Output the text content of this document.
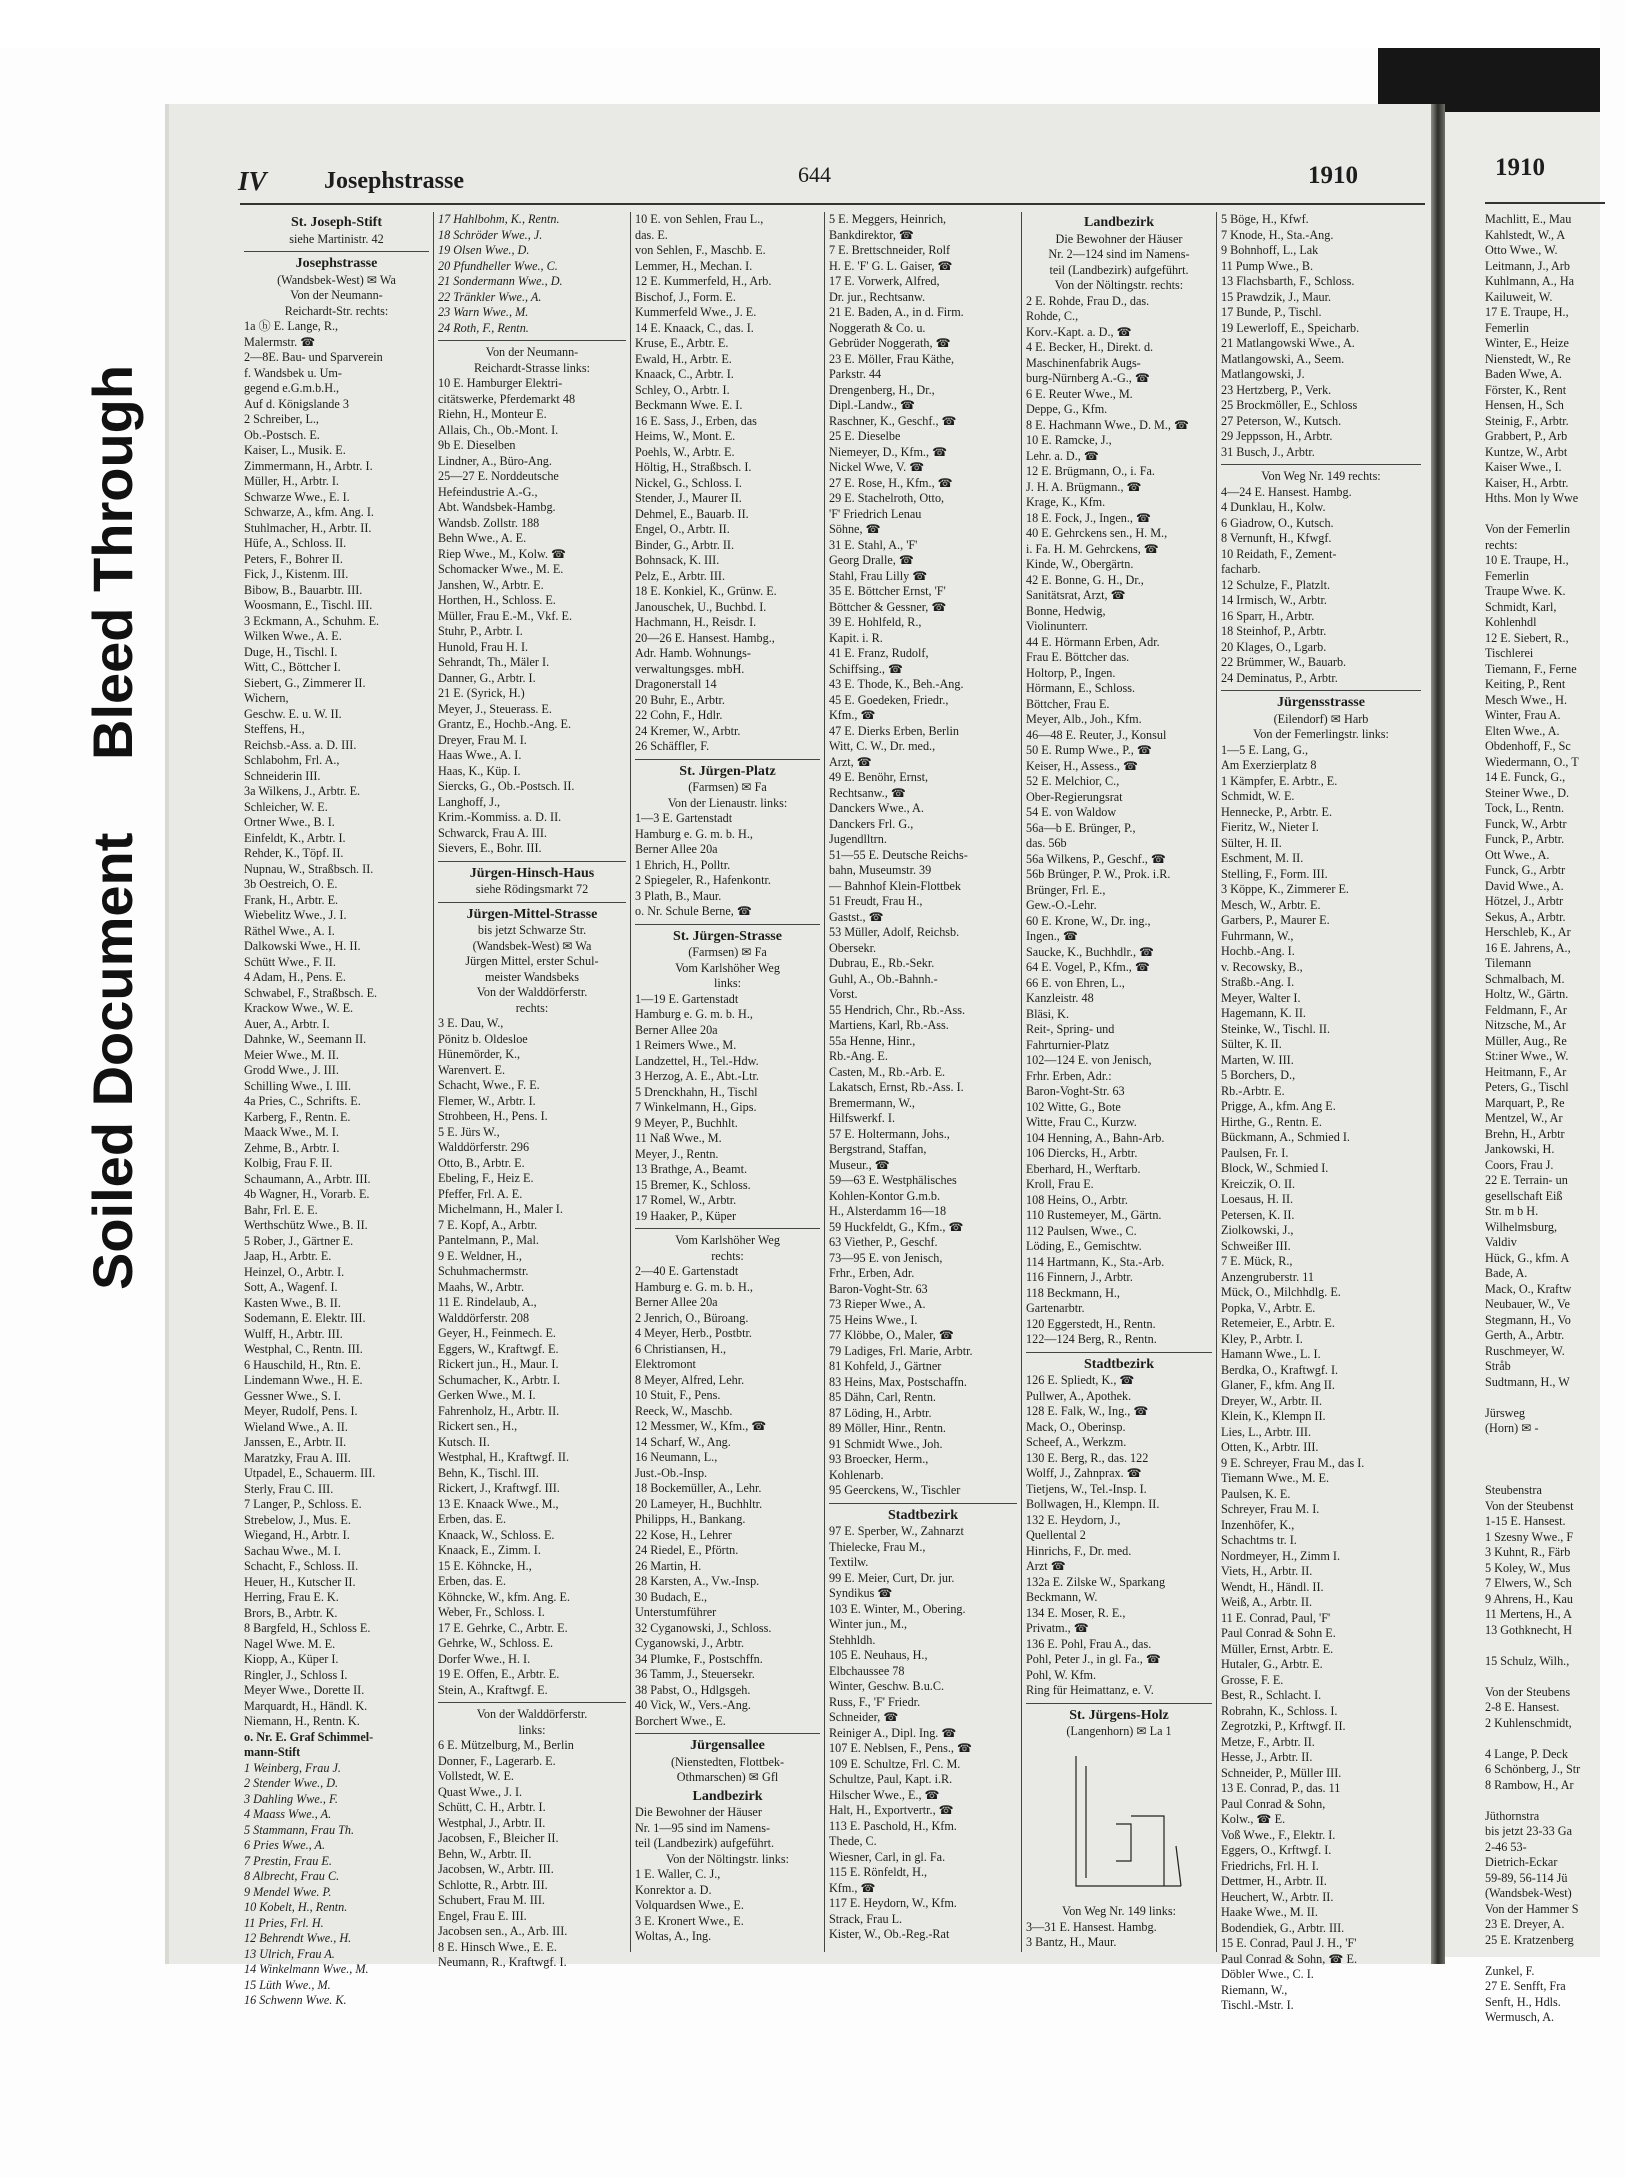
Soiled Document
Bleed Through
1910
Machlitt, E., Mau
Kahlstedt, W., A
Otto Wwe., W.
Leitmann, J., Arb
Kuhlmann, A., Ha
Kailuweit, W.
17 E. Traupe, H.,
Femerlin
Winter, E., Heize
Nienstedt, W., Re
Baden Wwe, A.
Förster, K., Rent
Hensen, H., Sch
Steinig, F., Arbtr.
Grabbert, P., Arb
Kuntze, W., Arbt
Kaiser Wwe., I.
Kaiser, H., Arbtr.
Hths. Mon ly Wwe

Von der Femerlin
rechts:
10 E. Traupe, H.,
Femerlin
Traupe Wwe. K.
Schmidt, Karl,
Kohlenhdl
12 E. Siebert, R.,
Tischlerei
Tiemann, F., Ferne
Keiting, P., Rent
Mesch Wwe., H.
Winter, Frau A.
Elten Wwe., A.
Obdenhoff, F., Sc
Wiedermann, O., T
14 E. Funck, G.,
Steiner Wwe., D.
Tock, L., Rentn.
Funck, W., Arbtr
Funck, P., Arbtr.
Ott Wwe., A.
Funck, G., Arbtr
David Wwe., A.
Hötzel, J., Arbtr
Sekus, A., Arbtr.
Herschleb, K., Ar
16 E. Jahrens, A.,
Tilemann
Schmalbach, M.
Holtz, W., Gärtn.
Feldmann, F., Ar
Nitzsche, M., Ar
Müller, Aug., Re
St:iner Wwe., W.
Heitmann, F., Ar
Peters, G., Tischl
Marquart, P., Re
Mentzel, W., Ar
Brehn, H., Arbtr
Jankowski, H.
Coors, Frau J.
22 E. Terrain- un
gesellschaft Eiß
Str. m b H.
Wilhelmsburg,
Valdiv
Hück, G., kfm. A
Bade, A.
Mack, O., Kraftw
Neubauer, W., Ve
Stegmann, H., Vo
Gerth, A., Arbtr.
Ruschmeyer, W.
Stråb
Sudtmann, H., W

Jürsweg
(Horn) ✉ -

Steubenstra
Von der Steubenst
1-15 E. Hansest.
1 Szesny Wwe., F
3 Kuhnt, R., Färb
5 Koley, W., Mus
7 Elwers, W., Sch
9 Ahrens, H., Kau
11 Mertens, H., A
13 Gothknecht, H

15 Schulz, Wilh.,

Von der Steubens
2-8 E. Hansest.
2 Kuhlenschmidt,

4 Lange, P. Deck
6 Schönberg, J., Str
8 Rambow, H., Ar

Jüthornstra
bis jetzt 23-33 Ga
2-46 53-
Dietrich-Eckar
59-89, 56-114 Jü
(Wandsbek-West)
Von der Hammer S
23 E. Dreyer, A.
25 E. Kratzenberg

Zunkel, F.
27 E. Senfft, Fra
Senft, H., Hdls.
Wermusch, A.
IV Josephstrasse	644	1910
St. Joseph-Stift
siehe Martinistr. 42
Josephstrasse
(Wandsbek-West) ✉ Wa
Von der Neumann-
Reichardt-Str. rechts:
1a ⓗ E. Lange, R.,
Malermstr. ☎
2—8E. Bau- und Sparverein
f. Wandsbek u. Um-
gegend e.G.m.b.H.,
Auf d. Königslande 3
2 Schreiber, L.,
Ob.-Postsch. E.
Kaiser, L., Musik. E.
Zimmermann, H., Arbtr. I.
Müller, H., Arbtr. I.
Schwarze Wwe., E. I.
Schwarze, A., kfm. Ang. I.
Stuhlmacher, H., Arbtr. II.
Hüfe, A., Schloss. II.
Peters, F., Bohrer II.
Fick, J., Kistenm. III.
Bibow, B., Bauarbtr. III.
Woosmann, E., Tischl. III.
3 Eckmann, A., Schuhm. E.
Wilken Wwe., A. E.
Duge, H., Tischl. I.
Witt, C., Böttcher I.
Siebert, G., Zimmerer II.
Wichern,
Geschw. E. u. W. II.
Steffens, H.,
Reichsb.-Ass. a. D. III.
Schlabohm, Frl. A.,
Schneiderin III.
3a Wilkens, J., Arbtr. E.
Schleicher, W. E.
Ortner Wwe., B. I.
Einfeldt, K., Arbtr. I.
Rehder, K., Töpf. II.
Nupnau, W., Straßbsch. II.
3b Oestreich, O. E.
Frank, H., Arbtr. E.
Wiebelitz Wwe., J. I.
Räthel Wwe., A. I.
Dalkowski Wwe., H. II.
Schütt Wwe., F. II.
4 Adam, H., Pens. E.
Schwabel, F., Straßbsch. E.
Krackow Wwe., W. E.
Auer, A., Arbtr. I.
Dahnke, W., Seemann II.
Meier Wwe., M. II.
Grodd Wwe., J. III.
Schilling Wwe., I. III.
4a Pries, C., Schrifts. E.
Karberg, F., Rentn. E.
Maack Wwe., M. I.
Zehme, B., Arbtr. I.
Kolbig, Frau F. II.
Schaumann, A., Arbtr. III.
4b Wagner, H., Vorarb. E.
Bahr, Frl. E. E.
Werthschütz Wwe., B. II.
5 Rober, J., Gärtner E.
Jaap, H., Arbtr. E.
Heinzel, O., Arbtr. I.
Sott, A., Wagenf. I.
Kasten Wwe., B. II.
Sodemann, E. Elektr. III.
Wulff, H., Arbtr. III.
Westphal, C., Rentn. III.
6 Hauschild, H., Rtn. E.
Lindemann Wwe., H. E.
Gessner Wwe., S. I.
Meyer, Rudolf, Pens. I.
Wieland Wwe., A. II.
Janssen, E., Arbtr. II.
Maratzky, Frau A. III.
Utpadel, E., Schauerm. III.
Sterly, Frau C. III.
7 Langer, P., Schloss. E.
Strebelow, J., Mus. E.
Wiegand, H., Arbtr. I.
Sachau Wwe., M. I.
Schacht, F., Schloss. II.
Heuer, H., Kutscher II.
Herring, Frau E. K.
Brors, B., Arbtr. K.
8 Bargfeld, H., Schloss E.
Nagel Wwe. M. E.
Kiopp, A., Küper I.
Ringler, J., Schloss I.
Meyer Wwe., Dorette II.
Marquardt, H., Händl. K.
Niemann, H., Rentn. K.
o. Nr. E. Graf Schimmel-
mann-Stift
1 Weinberg, Frau J.
2 Stender Wwe., D.
3 Dahling Wwe., F.
4 Maass Wwe., A.
5 Stammann, Frau Th.
6 Pries Wwe., A.
7 Prestin, Frau E.
8 Albrecht, Frau C.
9 Mendel Wwe. P.
10 Kobelt, H., Rentn.
11 Pries, Frl. H.
12 Behrendt Wwe., H.
13 Ulrich, Frau A.
14 Winkelmann Wwe., M.
15 Lüth Wwe., M.
16 Schwenn Wwe. K.
17 Hahlbohm, K., Rentn.
18 Schröder Wwe., J.
19 Olsen Wwe., D.
20 Pfundheller Wwe., C.
21 Sondermann Wwe., D.
22 Tränkler Wwe., A.
23 Warn Wwe., M.
24 Roth, F., Rentn.
Von der Neumann-
Reichardt-Strasse links:
10 E. Hamburger Elektri-
citätswerke, Pferdemarkt 48
Riehn, H., Monteur E.
Allais, Ch., Ob.-Mont. I.
9b E. Dieselben
Lindner, A., Büro-Ang.
25—27 E. Norddeutsche
Hefeindustrie A.-G.,
Abt. Wandsbek-Hambg.
Wandsb. Zollstr. 188
Behn Wwe., A. E.
Riep Wwe., M., Kolw. ☎
Schomacker Wwe., M. E.
Janshen, W., Arbtr. E.
Horthen, H., Schloss. E.
Müller, Frau E.-M., Vkf. E.
Stuhr, P., Arbtr. I.
Hunold, Frau H. I.
Sehrandt, Th., Mäler I.
Danner, G., Arbtr. I.
21 E. (Syrick, H.)
Meyer, J., Steuerass. E.
Grantz, E., Hochb.-Ang. E.
Dreyer, Frau M. I.
Haas Wwe., A. I.
Haas, K., Küp. I.
Siercks, G., Ob.-Postsch. II.
Langhoff, J.,
Krim.-Kommiss. a. D. II.
Schwarck, Frau A. III.
Sievers, E., Bohr. III.
Jürgen-Hinsch-Haus
siehe Rödingsmarkt 72
Jürgen-Mittel-Strasse
bis jetzt Schwarze Str.
(Wandsbek-West) ✉ Wa
Jürgen Mittel, erster Schul-
meister Wandsbeks
Von der Walddörferstr.
rechts:
3 E. Dau, W.,
Pönitz b. Oldesloe
Hünemörder, K.,
Warenvert. E.
Schacht, Wwe., F. E.
Flemer, W., Arbtr. I.
Strohbeen, H., Pens. I.
5 E. Jürs W.,
Walddörferstr. 296
Otto, B., Arbtr. E.
Ebeling, F., Heiz E.
Pfeffer, Frl. A. E.
Michelmann, H., Maler I.
7 E. Kopf, A., Arbtr.
Pantelmann, P., Mal.
9 E. Weldner, H.,
Schuhmachermstr.
Maahs, W., Arbtr.
11 E. Rindelaub, A.,
Walddörferstr. 208
Geyer, H., Feinmech. E.
Eggers, W., Kraftwgf. E.
Rickert jun., H., Maur. I.
Schumacher, K., Arbtr. I.
Gerken Wwe., M. I.
Fahrenholz, H., Arbtr. II.
Rickert sen., H.,
Kutsch. II.
Westphal, H., Kraftwgf. II.
Behn, K., Tischl. III.
Rickert, J., Kraftwgf. III.
13 E. Knaack Wwe., M.,
Erben, das. E.
Knaack, W., Schloss. E.
Knaack, E., Zimm. I.
15 E. Köhncke, H.,
Erben, das. E.
Köhncke, W., kfm. Ang. E.
Weber, Fr., Schloss. I.
17 E. Gehrke, C., Arbtr. E.
Gehrke, W., Schloss. E.
Dorfer Wwe., H. I.
19 E. Offen, E., Arbtr. E.
Stein, A., Kraftwgf. E.
Von der Walddörferstr.
links:
6 E. Mützelburg, M., Berlin
Donner, F., Lagerarb. E.
Vollstedt, W. E.
Quast Wwe., J. I.
Schütt, C. H., Arbtr. I.
Westphal, J., Arbtr. II.
Jacobsen, F., Bleicher II.
Behn, W., Arbtr. II.
Jacobsen, W., Arbtr. III.
Schlotte, R., Arbtr. III.
Schubert, Frau M. III.
Engel, Frau E. III.
Jacobsen sen., A., Arb. III.
8 E. Hinsch Wwe., E. E.
Neumann, R., Kraftwgf. I.
10 E. von Sehlen, Frau L.,
das. E.
von Sehlen, F., Maschb. E.
Lemmer, H., Mechan. I.
12 E. Kummerfeld, H., Arb.
Bischof, J., Form. E.
Kummerfeld Wwe., J. E.
14 E. Knaack, C., das. I.
Kruse, E., Arbtr. E.
Ewald, H., Arbtr. E.
Knaack, C., Arbtr. I.
Schley, O., Arbtr. I.
Beckmann Wwe. E. I.
16 E. Sass, J., Erben, das
Heims, W., Mont. E.
Poehls, W., Arbtr. E.
Höltig, H., Straßbsch. I.
Nickel, G., Schloss. I.
Stender, J., Maurer II.
Dehmel, E., Bauarb. II.
Engel, O., Arbtr. II.
Binder, G., Arbtr. II.
Bohnsack, K. III.
Pelz, E., Arbtr. III.
18 E. Konkiel, K., Grünw. E.
Janouschek, U., Buchbd. I.
Hachmann, H., Reisdr. I.
20—26 E. Hansest. Hambg.,
Adr. Hamb. Wohnungs-
verwaltungsges. mbH.
Dragonerstall 14
20 Buhr, E., Arbtr.
22 Cohn, F., Hdlr.
24 Kremer, W., Arbtr.
26 Schäffler, F.
St. Jürgen-Platz
(Farmsen) ✉ Fa
Von der Lienaustr. links:
1—3 E. Gartenstadt
Hamburg e. G. m. b. H.,
Berner Allee 20a
1 Ehrich, H., Polltr.
2 Spiegeler, R., Hafenkontr.
3 Plath, B., Maur.
o. Nr. Schule Berne, ☎
St. Jürgen-Strasse
(Farmsen) ✉ Fa
Vom Karlshöher Weg
links:
1—19 E. Gartenstadt
Hamburg e. G. m. b. H.,
Berner Allee 20a
1 Reimers Wwe., M.
Landzettel, H., Tel.-Hdw.
3 Herzog, A. E., Abt.-Ltr.
5 Drenckhahn, H., Tischl
7 Winkelmann, H., Gips.
9 Meyer, P., Buchhlt.
11 Naß Wwe., M.
Meyer, J., Rentn.
13 Brathge, A., Beamt.
15 Bremer, K., Schloss.
17 Romel, W., Arbtr.
19 Haaker, P., Küper
Vom Karlshöher Weg
rechts:
2—40 E. Gartenstadt
Hamburg e. G. m. b. H.,
Berner Allee 20a
2 Jenrich, O., Büroang.
4 Meyer, Herb., Postbtr.
6 Christiansen, H.,
Elektromont
8 Meyer, Alfred, Lehr.
10 Stuit, F., Pens.
Reeck, W., Maschb.
12 Messmer, W., Kfm., ☎
14 Scharf, W., Ang.
16 Neumann, L.,
Just.-Ob.-Insp.
18 Bockemüller, A., Lehr.
20 Lameyer, H., Buchhltr.
Philipps, H., Bankang.
22 Kose, H., Lehrer
24 Riedel, E., Pförtn.
26 Martin, H.
28 Karsten, A., Vw.-Insp.
30 Budach, E.,
Unterstumführer
32 Cyganowski, J., Schloss.
Cyganowski, J., Arbtr.
34 Plumke, F., Postschffn.
36 Tamm, J., Steuersekr.
38 Pabst, O., Hdlgsgeh.
40 Vick, W., Vers.-Ang.
Borchert Wwe., E.
Jürgensallee
(Nienstedten, Flottbek-
Othmarschen) ✉ Gfl
Landbezirk
Die Bewohner der Häuser
Nr. 1—95 sind im Namens-
teil (Landbezirk) aufgeführt.
Von der Nöltingstr. links:
1 E. Waller, C. J.,
Konrektor a. D.
Volquardsen Wwe., E.
3 E. Kronert Wwe., E.
Woltas, A., Ing.
5 E. Meggers, Heinrich,
Bankdirektor, ☎
7 E. Brettschneider, Rolf
H. E. 'F' G. L. Gaiser, ☎
17 E. Vorwerk, Alfred,
Dr. jur., Rechtsanw.
21 E. Baden, A., in d. Firm.
Noggerath & Co. u.
Gebrüder Noggerath, ☎
23 E. Möller, Frau Käthe,
Parkstr. 44
Drengenberg, H., Dr.,
Dipl.-Landw., ☎
Raschner, K., Geschf., ☎
25 E. Dieselbe
Niemeyer, D., Kfm., ☎
Nickel Wwe, V. ☎
27 E. Rose, H., Kfm., ☎
29 E. Stachelroth, Otto,
'F' Friedrich Lenau
Söhne, ☎
31 E. Stahl, A., 'F'
Georg Dralle, ☎
Stahl, Frau Lilly ☎
35 E. Böttcher Ernst, 'F'
Böttcher & Gessner, ☎
39 E. Hohlfeld, R.,
Kapit. i. R.
41 E. Franz, Rudolf,
Schiffsing., ☎
43 E. Thode, K., Beh.-Ang.
45 E. Goedeken, Friedr.,
Kfm., ☎
47 E. Dierks Erben, Berlin
Witt, C. W., Dr. med.,
Arzt, ☎
49 E. Benöhr, Ernst,
Rechtsanw., ☎
Danckers Wwe., A.
Danckers Frl. G.,
Jugendlltrn.
51—55 E. Deutsche Reichs-
bahn, Museumstr. 39
— Bahnhof Klein-Flottbek
51 Freudt, Frau H.,
Gastst., ☎
53 Müller, Adolf, Reichsb.
Obersekr.
Dubrau, E., Rb.-Sekr.
Guhl, A., Ob.-Bahnh.-
Vorst.
55 Hendrich, Chr., Rb.-Ass.
Martiens, Karl, Rb.-Ass.
55a Henne, Hinr.,
Rb.-Ang. E.
Casten, M., Rb.-Arb. E.
Lakatsch, Ernst, Rb.-Ass. I.
Bremermann, W.,
Hilfswerkf. I.
57 E. Holtermann, Johs.,
Bergstrand, Staffan,
Museur., ☎
59—63 E. Westphälisches
Kohlen-Kontor G.m.b.
H., Alsterdamm 16—18
59 Huckfeldt, G., Kfm., ☎
63 Viether, P., Geschf.
73—95 E. von Jenisch,
Frhr., Erben, Adr.
Baron-Voght-Str. 63
73 Rieper Wwe., A.
75 Heins Wwe., I.
77 Klöbbe, O., Maler, ☎
79 Ladiges, Frl. Marie, Arbtr.
81 Kohfeld, J., Gärtner
83 Heins, Max, Postschaffn.
85 Dähn, Carl, Rentn.
87 Löding, H., Arbtr.
89 Möller, Hinr., Rentn.
91 Schmidt Wwe., Joh.
93 Broecker, Herm.,
Kohlenarb.
95 Geerckens, W., Tischler
Stadtbezirk
97 E. Sperber, W., Zahnarzt
Thielecke, Frau M.,
Textilw.
99 E. Meier, Curt, Dr. jur.
Syndikus ☎
103 E. Winter, M., Obering.
Winter jun., M.,
Stehhldh.
105 E. Neuhaus, H.,
Elbchaussee 78
Winter, Geschw. B.u.C.
Russ, F., 'F' Friedr.
Schneider, ☎
Reiniger A., Dipl. Ing. ☎
107 E. Neblsen, F., Pens., ☎
109 E. Schultze, Frl. C. M.
Schultze, Paul, Kapt. i.R.
Hilscher Wwe., E., ☎
Halt, H., Exportvertr., ☎
113 E. Paschold, H., Kfm.
Thede, C.
Wiesner, Carl, in gl. Fa.
115 E. Rönfeldt, H.,
Kfm., ☎
117 E. Heydorn, W., Kfm.
Strack, Frau L.
Kister, W., Ob.-Reg.-Rat
Landbezirk
Die Bewohner der Häuser
Nr. 2—124 sind im Namens-
teil (Landbezirk) aufgeführt.
Von der Nöltingstr. rechts:
2 E. Rohde, Frau D., das.
Rohde, C.,
Korv.-Kapt. a. D., ☎
4 E. Becker, H., Direkt. d.
Maschinenfabrik Augs-
burg-Nürnberg A.-G., ☎
6 E. Reuter Wwe., M.
Deppe, G., Kfm.
8 E. Hachmann Wwe., D. M., ☎
10 E. Ramcke, J.,
Lehr. a. D., ☎
12 E. Brügmann, O., i. Fa.
J. H. A. Brügmann., ☎
Krage, K., Kfm.
18 E. Fock, J., Ingen., ☎
40 E. Gehrckens sen., H. M.,
i. Fa. H. M. Gehrckens, ☎
Kinde, W., Obergärtn.
42 E. Bonne, G. H., Dr.,
Sanitätsrat, Arzt, ☎
Bonne, Hedwig,
Violinunterr.
44 E. Hörmann Erben, Adr.
Frau E. Böttcher das.
Holtorp, P., Ingen.
Hörmann, E., Schloss.
Böttcher, Frau E.
Meyer, Alb., Joh., Kfm.
46—48 E. Reuter, J., Konsul
50 E. Rump Wwe., P., ☎
Keiser, H., Assess., ☎
52 E. Melchior, C.,
Ober-Regierungsrat
54 E. von Waldow
56a—b E. Brünger, P.,
das. 56b
56a Wilkens, P., Geschf., ☎
56b Brünger, P. W., Prok. i.R.
Brünger, Frl. E.,
Gew.-O.-Lehr.
60 E. Krone, W., Dr. ing.,
Ingen., ☎
Saucke, K., Buchhdlr., ☎
64 E. Vogel, P., Kfm., ☎
66 E. von Ehren, L.,
Kanzleistr. 48
Bläsi, K.
Reit-, Spring- und
Fahrturnier-Platz
102—124 E. von Jenisch,
Frhr. Erben, Adr.:
Baron-Voght-Str. 63
102 Witte, G., Bote
Witte, Frau C., Kurzw.
104 Henning, A., Bahn-Arb.
106 Diercks, H., Arbtr.
Eberhard, H., Werftarb.
Kroll, Frau E.
108 Heins, O., Arbtr.
110 Rustemeyer, M., Gärtn.
112 Paulsen, Wwe., C.
Löding, E., Gemischtw.
114 Hartmann, K., Sta.-Arb.
116 Finnern, J., Arbtr.
118 Beckmann, H.,
Gartenarbtr.
120 Eggerstedt, H., Rentn.
122—124 Berg, R., Rentn.
Stadtbezirk
126 E. Spliedt, K., ☎
Pullwer, A., Apothek.
128 E. Falk, W., Ing., ☎
Mack, O., Oberinsp.
Scheef, A., Werkzm.
130 E. Berg, R., das. 122
Wolff, J., Zahnprax. ☎
Tietjens, W., Tel.-Insp. I.
Bollwagen, H., Klempn. II.
132 E. Heydorn, J.,
Quellental 2
Hinrichs, F., Dr. med.
Arzt ☎
132a E. Zilske W., Sparkang
Beckmann, W.
134 E. Moser, R. E.,
Privatm., ☎
136 E. Pohl, Frau A., das.
Pohl, Peter J., in gl. Fa., ☎
Pohl, W. Kfm.
Ring für Heimattanz, e. V.
St. Jürgens-Holz
(Langenhorn) ✉ La 1
Von Weg Nr. 149 links:
3—31 E. Hansest. Hambg.
3 Bantz, H., Maur.
5 Böge, H., Kfwf.
7 Knode, H., Sta.-Ang.
9 Bohnhoff, L., Lak
11 Pump Wwe., B.
13 Flachsbarth, F., Schloss.
15 Prawdzik, J., Maur.
17 Bunde, P., Tischl.
19 Lewerloff, E., Speicharb.
21 Matlangowski Wwe., A.
Matlangowski, A., Seem.
Matlangowski, J.
23 Hertzberg, P., Verk.
25 Brockmöller, E., Schloss
27 Peterson, W., Kutsch.
29 Jeppsson, H., Arbtr.
31 Busch, J., Arbtr.
Von Weg Nr. 149 rechts:
4—24 E. Hansest. Hambg.
4 Dunklau, H., Kolw.
6 Giadrow, O., Kutsch.
8 Vernunft, H., Kfwgf.
10 Reidath, F., Zement-
facharb.
12 Schulze, F., Platzlt.
14 Irmisch, W., Arbtr.
16 Sparr, H., Arbtr.
18 Steinhof, P., Arbtr.
20 Klages, O., Lgarb.
22 Brümmer, W., Bauarb.
24 Deminatus, P., Arbtr.
Jürgensstrasse
(Eilendorf) ✉ Harb
Von der Femerlingstr. links:
1—5 E. Lang, G.,
Am Exerzierplatz 8
1 Kämpfer, E. Arbtr., E.
Schmidt, W. E.
Hennecke, P., Arbtr. E.
Fieritz, W., Nieter I.
Sülter, H. II.
Eschment, M. II.
Stelling, F., Form. III.
3 Köppe, K., Zimmerer E.
Mesch, W., Arbtr. E.
Garbers, P., Maurer E.
Fuhrmann, W.,
Hochb.-Ang. I.
v. Recowsky, B.,
Straßb.-Ang. I.
Meyer, Walter I.
Hagemann, K. II.
Steinke, W., Tischl. II.
Sülter, K. II.
Marten, W. III.
5 Borchers, D.,
Rb.-Arbtr. E.
Prigge, A., kfm. Ang E.
Hirthe, G., Rentn. E.
Bückmann, A., Schmied I.
Paulsen, Fr. I.
Block, W., Schmied I.
Kreiczik, O. II.
Loesaus, H. II.
Petersen, K. II.
Ziolkowski, J.,
Schweißer III.
7 E. Mück, R.,
Anzengruberstr. 11
Mück, O., Milchhdlg. E.
Popka, V., Arbtr. E.
Retemeier, E., Arbtr. E.
Kley, P., Arbtr. I.
Hamann Wwe., L. I.
Berdka, O., Kraftwgf. I.
Glaner, F., kfm. Ang II.
Dreyer, W., Arbtr. II.
Klein, K., Klempn II.
Lies, L., Arbtr. III.
Otten, K., Arbtr. III.
9 E. Schreyer, Frau M., das I.
Tiemann Wwe., M. E.
Paulsen, K. E.
Schreyer, Frau M. I.
Inzenhöfer, K.,
Schachtms tr. I.
Nordmeyer, H., Zimm I.
Viets, H., Arbtr. II.
Wendt, H., Händl. II.
Weiß, A., Arbtr. II.
11 E. Conrad, Paul, 'F'
Paul Conrad & Sohn E.
Müller, Ernst, Arbtr. E.
Hutaler, G., Arbtr. E.
Grosse, F. E.
Best, R., Schlacht. I.
Robrahn, K., Schloss. I.
Zegrotzki, P., Krftwgf. II.
Metze, F., Arbtr. II.
Hesse, J., Arbtr. II.
Schneider, P., Müller III.
13 E. Conrad, P., das. 11
Paul Conrad & Sohn,
Kolw., ☎ E.
Voß Wwe., F., Elektr. I.
Eggers, O., Krftwgf. I.
Friedrichs, Frl. H. I.
Dettmer, H., Arbtr. II.
Heuchert, W., Arbtr. II.
Haake Wwe., M. II.
Bodendiek, G., Arbtr. III.
15 E. Conrad, Paul J. H., 'F'
Paul Conrad & Sohn, ☎ E.
Döbler Wwe., C. I.
Riemann, W.,
Tischl.-Mstr. I.
